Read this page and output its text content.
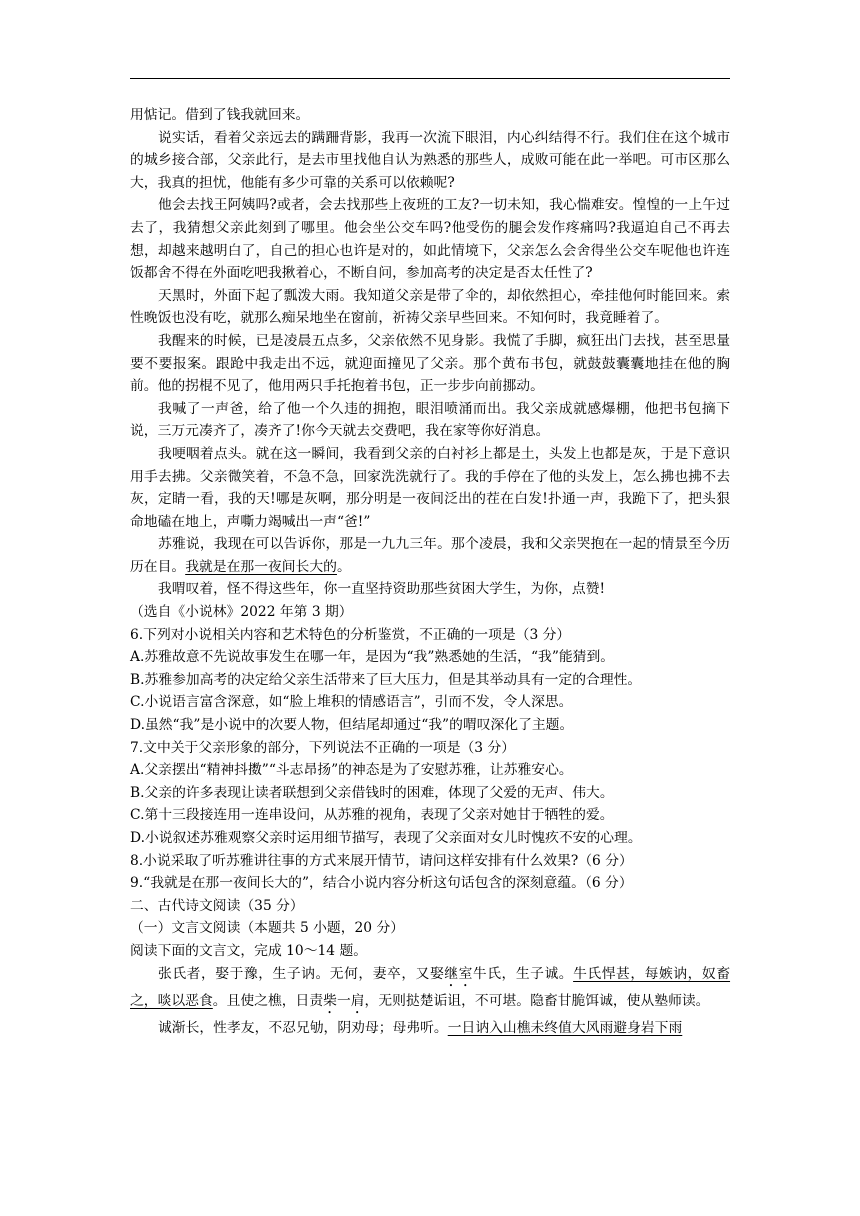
用惦记。借到了钱我就回来。

说实话，看着父亲远去的蹒跚背影，我再一次流下眼泪，内心纠结得不行。我们住在这个城市的城乡接合部，父亲此行，是去市里找他自认为熟悉的那些人，成败可能在此一举吧。可市区那么大，我真的担忧，他能有多少可靠的关系可以依赖呢?

他会去找王阿姨吗?或者，会去找那些上夜班的工友?一切未知，我心惴难安。惶惶的一上午过去了，我猜想父亲此刻到了哪里。他会坐公交车吗?他受伤的腿会发作疼痛吗?我逼迫自己不再去想，却越来越明白了，自己的担心也许是对的，如此情境下，父亲怎么会舍得坐公交车呢他也许连饭都舍不得在外面吃吧我揪着心，不断自问，参加高考的决定是否太任性了?

天黑时，外面下起了瓢泼大雨。我知道父亲是带了伞的，却依然担心，牵挂他何时能回来。索性晚饭也没有吃，就那么痴呆地坐在窗前，祈祷父亲早些回来。不知何时，我竟睡着了。

我醒来的时候，已是凌晨五点多，父亲依然不见身影。我慌了手脚，疯狂出门去找，甚至思量要不要报案。跟跄中我走出不远，就迎面撞见了父亲。那个黄布书包，就鼓鼓囊囊地挂在他的胸前。他的拐棍不见了，他用两只手托抱着书包，正一步步向前挪动。

我喊了一声爸，给了他一个久违的拥抱，眼泪喷涌而出。我父亲成就感爆棚，他把书包摘下说，三万元凑齐了，凑齐了!你今天就去交费吧，我在家等你好消息。

我哽咽着点头。就在这一瞬间，我看到父亲的白衬衫上都是土，头发上也都是灰，于是下意识用手去拂。父亲微笑着，不急不急，回家洗洗就行了。我的手停在了他的头发上，怎么拂也拂不去灰，定睛一看，我的天!哪是灰啊，那分明是一夜间泛出的茬在白发!扑通一声，我跪下了，把头狠命地磕在地上，声嘶力竭喊出一声“爸!”

苏雅说，我现在可以告诉你，那是一九九三年。那个凌晨，我和父亲哭抱在一起的情景至今历历在目。我就是在那一夜间长大的。

我喟叹着，怪不得这些年，你一直坚持资助那些贫困大学生，为你，点赞!

（选自《小说林》2022 年第 3 期）

6.下列对小说相关内容和艺术特色的分析鉴赏，不正确的一项是（3 分）

A.苏雅故意不先说故事发生在哪一年，是因为“我”熟悉她的生活，“我”能猜到。

B.苏雅参加高考的决定给父亲生活带来了巨大压力，但是其举动具有一定的合理性。

C.小说语言富含深意，如“脸上堆积的情感语言”，引而不发，令人深思。

D.虽然“我”是小说中的次要人物，但结尾却通过“我”的喟叹深化了主题。

7.文中关于父亲形象的部分，下列说法不正确的一项是（3 分）

A.父亲摆出“精神抖擞”“斗志昂扬”的神态是为了安慰苏雅，让苏雅安心。

B.父亲的许多表现让读者联想到父亲借钱时的困难，体现了父爱的无声、伟大。

C.第十三段接连用一连串设问，从苏雅的视角，表现了父亲对她甘于牺牲的爱。

D.小说叙述苏雅观察父亲时运用细节描写，表现了父亲面对女儿时愧疚不安的心理。

8.小说采取了听苏雅讲往事的方式来展开情节，请问这样安排有什么效果?（6 分）

9.“我就是在那一夜间长大的”，结合小说内容分析这句话包含的深刻意蕴。（6 分）

二、古代诗文阅读（35 分）

（一）文言文阅读（本题共 5 小题，20 分）

阅读下面的文言文，完成 10～14 题。

张氏者，娶于豫，生子讷。无何，妻卒，又娶继室牛氏，生子诚。牛氏悍甚，每嫉讷，奴畜之，啖以恶食。且使之樵，日责柴一肩，无则挞楚诟诅，不可堪。隐畜甘脆饵诚，使从塾师读。

诚渐长，性孝友，不忍兄劬，阴劝母；母弗听。一日讷入山樵未终值大风雨避身岩下雨
